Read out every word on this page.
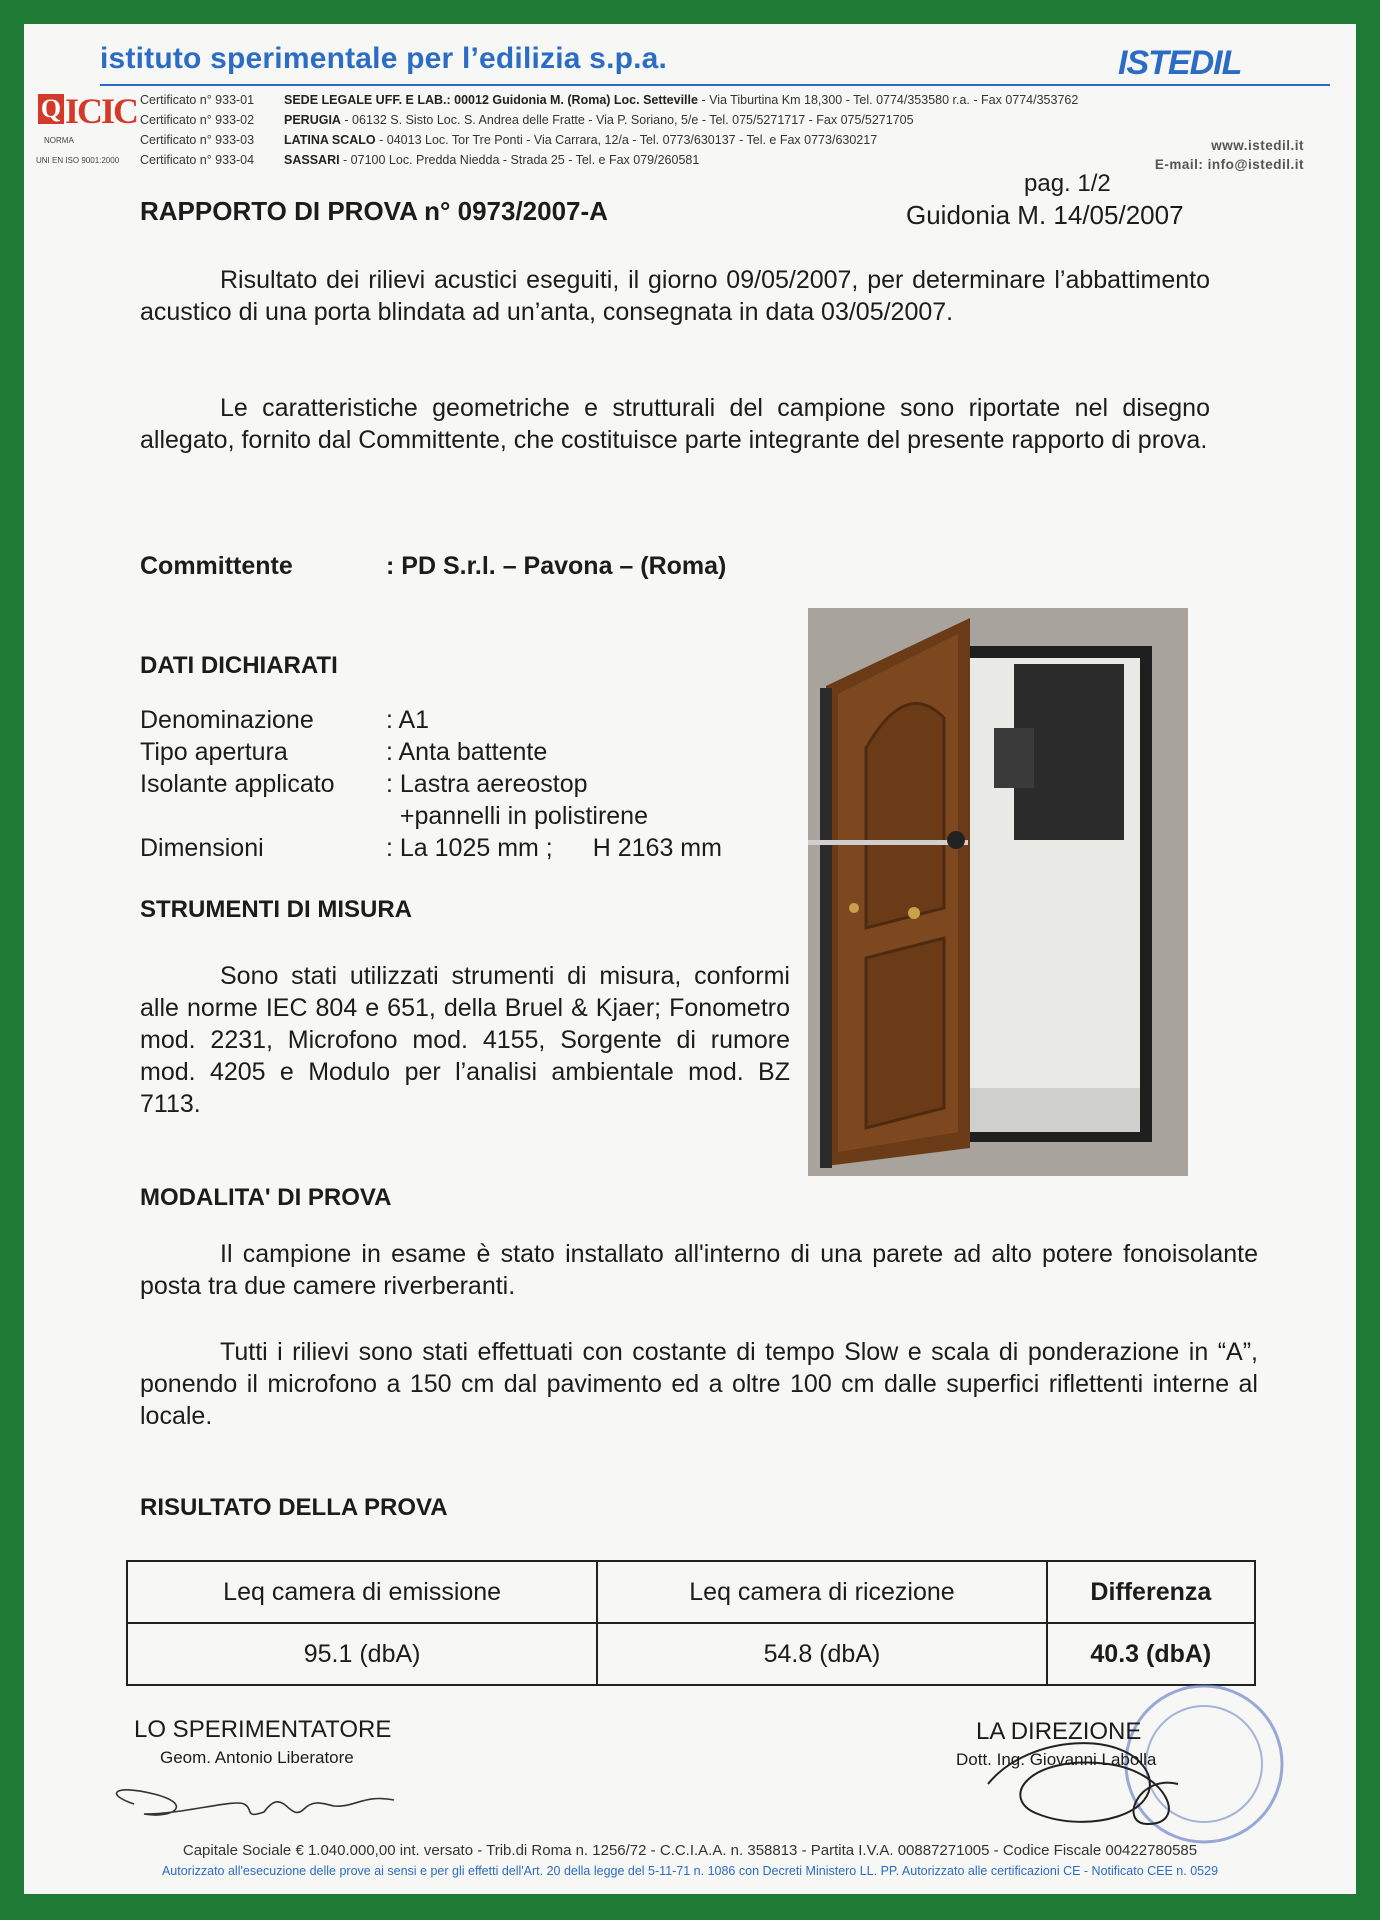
istituto sperimentale per l’edilizia s.p.a.	ISTEDIL
Q ICIC
NORMA
UNI EN ISO 9001:2000
Certificato n° 933-01 SEDE LEGALE UFF. E LAB.: 00012 Guidonia M. (Roma) Loc. Setteville - Via Tiburtina Km 18,300 - Tel. 0774/353580 r.a. - Fax 0774/353762
Certificato n° 933-02 PERUGIA - 06132 S. Sisto Loc. S. Andrea delle Fratte - Via P. Soriano, 5/e - Tel. 075/5271717 - Fax 075/5271705
Certificato n° 933-03 LATINA SCALO - 04013 Loc. Tor Tre Ponti - Via Carrara, 12/a - Tel. 0773/630137 - Tel. e Fax 0773/630217
Certificato n° 933-04 SASSARI - 07100 Loc. Predda Niedda - Strada 25 - Tel. e Fax 079/260581
www.istedil.it
E-mail: info@istedil.it
pag. 1/2
RAPPORTO DI PROVA n° 0973/2007-A	Guidonia M. 14/05/2007
Risultato dei rilievi acustici eseguiti, il giorno 09/05/2007, per determinare l’abbattimento acustico di una porta blindata ad un’anta, consegnata in data 03/05/2007.
Le caratteristiche geometriche e strutturali del campione sono riportate nel disegno allegato, fornito dal Committente, che costituisce parte integrante del presente rapporto di prova.
Committente	: PD S.r.l. – Pavona – (Roma)
DATI DICHIARATI
Denominazione	: A1
Tipo apertura	: Anta battente
Isolante applicato	: Lastra aereostop
+pannelli in polistirene
Dimensioni	: La 1025 mm ; H 2163 mm
STRUMENTI DI MISURA
Sono stati utilizzati strumenti di misura, conformi alle norme IEC 804 e 651, della Bruel & Kjaer; Fonometro mod. 2231, Microfono mod. 4155, Sorgente di rumore mod. 4205 e Modulo per l’analisi ambientale mod. BZ 7113.
MODALITA' DI PROVA
Il campione in esame è stato installato all'interno di una parete ad alto potere fonoisolante posta tra due camere riverberanti.
Tutti i rilievi sono stati effettuati con costante di tempo Slow e scala di ponderazione in “A”, ponendo il microfono a 150 cm dal pavimento ed a oltre 100 cm dalle superfici riflettenti interne al locale.
RISULTATO DELLA PROVA
Leq camera di emissione	Leq camera di ricezione	Differenza
95.1 (dbA)	54.8 (dbA)	40.3 (dbA)
LO SPERIMENTATORE
Geom. Antonio Liberatore
LA DIREZIONE
Dott. Ing. Giovanni Labolla
Capitale Sociale € 1.040.000,00 int. versato - Trib.di Roma n. 1256/72 - C.C.I.A.A. n. 358813 - Partita I.V.A. 00887271005 - Codice Fiscale 00422780585
Autorizzato all'esecuzione delle prove ai sensi e per gli effetti dell'Art. 20 della legge del 5-11-71 n. 1086 con Decreti Ministero LL. PP. Autorizzato alle certificazioni CE - Notificato CEE n. 0529
